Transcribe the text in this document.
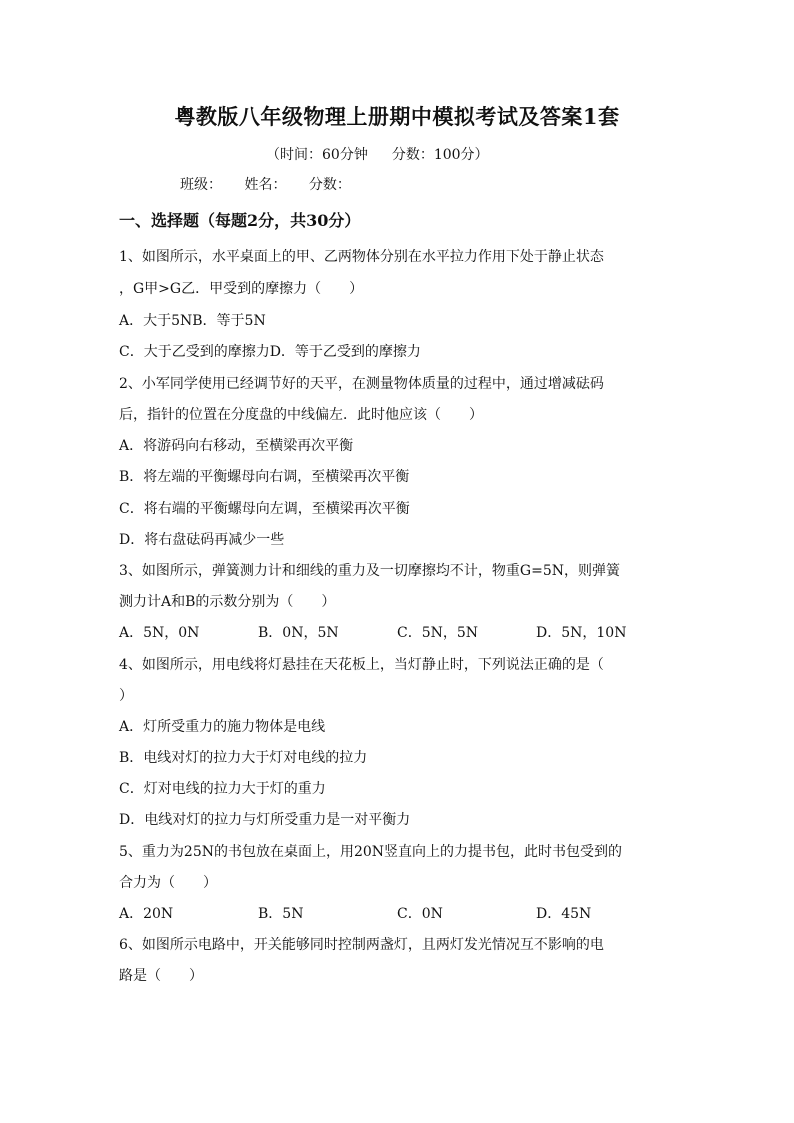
粤教版八年级物理上册期中模拟考试及答案1套
（时间：60分钟 分数：100分）
班级： 姓名： 分数：
一、选择题（每题2分，共30分）
1、如图所示，水平桌面上的甲、乙两物体分别在水平拉力作用下处于静止状态
，G甲>G乙．甲受到的摩擦力（　　）
A．大于5NB．等于5N
C．大于乙受到的摩擦力D．等于乙受到的摩擦力
2、小军同学使用已经调节好的天平，在测量物体质量的过程中，通过增减砝码
后，指针的位置在分度盘的中线偏左．此时他应该（　　）
A．将游码向右移动，至横梁再次平衡
B．将左端的平衡螺母向右调，至横梁再次平衡
C．将右端的平衡螺母向左调，至横梁再次平衡
D．将右盘砝码再减少一些
3、如图所示，弹簧测力计和细线的重力及一切摩擦均不计，物重G=5N，则弹簧
测力计A和B的示数分别为（　　）
A．5N，0N	B．0N，5N	C．5N，5N	D．5N，10N
4、如图所示，用电线将灯悬挂在天花板上，当灯静止时，下列说法正确的是（
）
A．灯所受重力的施力物体是电线
B．电线对灯的拉力大于灯对电线的拉力
C．灯对电线的拉力大于灯的重力
D．电线对灯的拉力与灯所受重力是一对平衡力
5、重力为25N的书包放在桌面上，用20N竖直向上的力提书包，此时书包受到的
合力为（　　）
A．20N	B．5N	C．0N	D．45N
6、如图所示电路中，开关能够同时控制两盏灯，且两灯发光情况互不影响的电
路是（　　）
